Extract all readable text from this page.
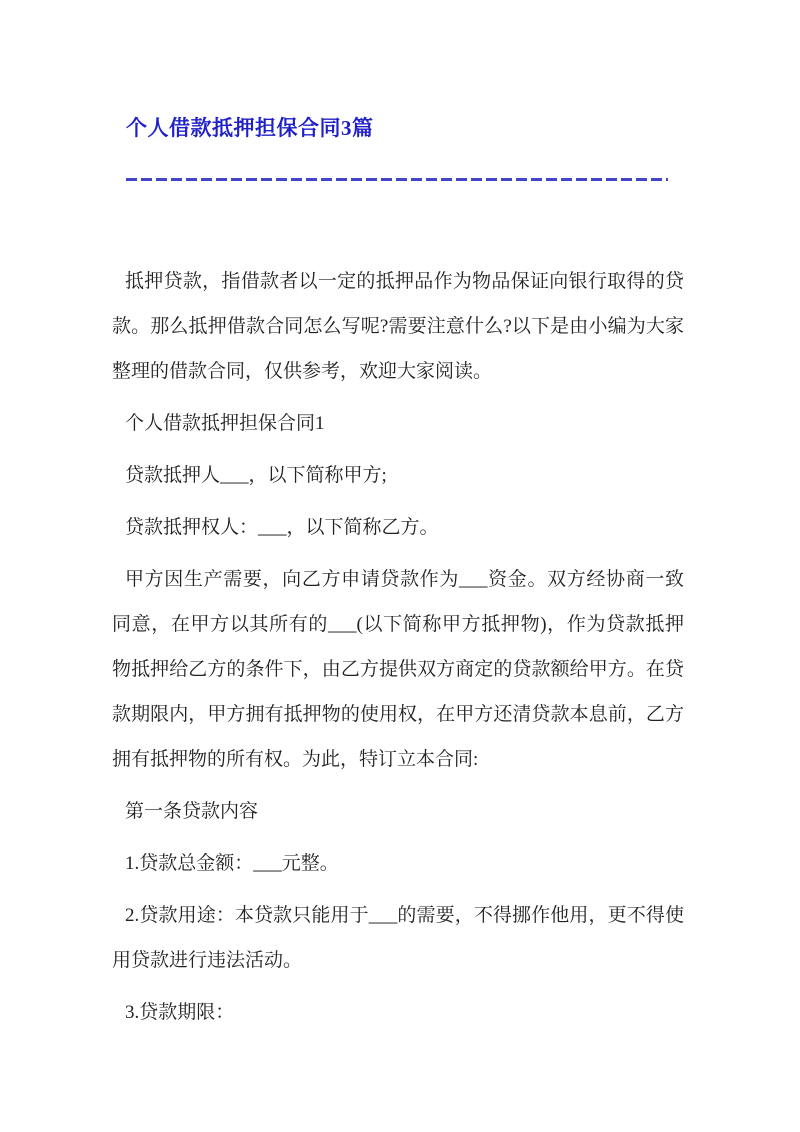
个人借款抵押担保合同3篇

抵押贷款，指借款者以一定的抵押品作为物品保证向银行取得的贷款。那么抵押借款合同怎么写呢?需要注意什么?以下是由小编为大家整理的借款合同，仅供参考，欢迎大家阅读。

个人借款抵押担保合同1

贷款抵押人___，以下简称甲方;

贷款抵押权人：___，以下简称乙方。

甲方因生产需要，向乙方申请贷款作为___资金。双方经协商一致同意，在甲方以其所有的___(以下简称甲方抵押物)，作为贷款抵押物抵押给乙方的条件下，由乙方提供双方商定的贷款额给甲方。在贷款期限内，甲方拥有抵押物的使用权，在甲方还清贷款本息前，乙方拥有抵押物的所有权。为此，特订立本合同:

第一条贷款内容

1.贷款总金额：___元整。

2.贷款用途：本贷款只能用于___的需要，不得挪作他用，更不得使用贷款进行违法活动。

3.贷款期限：
